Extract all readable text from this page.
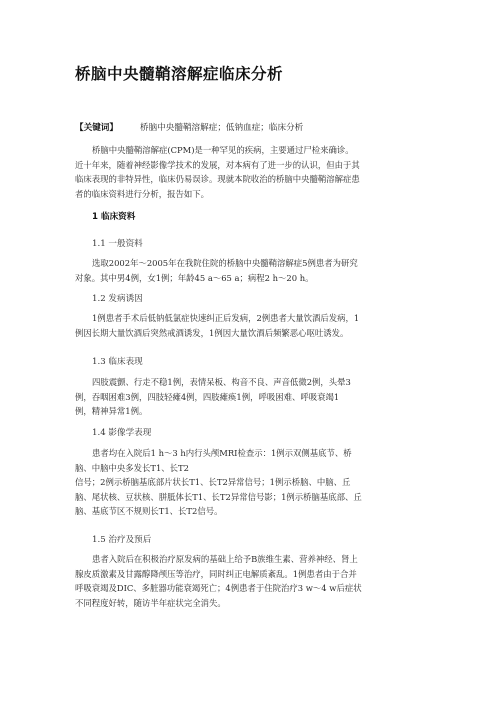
桥脑中央髓鞘溶解症临床分析
【关键词】	桥脑中央髓鞘溶解症；低钠血症；临床分析

桥脑中央髓鞘溶解症(CPM)是一种罕见的疾病，主要通过尸检来确诊。

近十年来，随着神经影像学技术的发展，对本病有了进一步的认识，但由于其

临床表现的非特异性，临床仍易误诊。现就本院收治的桥脑中央髓鞘溶解症患

者的临床资料进行分析，报告如下。

1 临床资料
1.1 一般资料

选取2002年～2005年在我院住院的桥脑中央髓鞘溶解症5例患者为研究

对象。其中男4例，女1例；年龄45 a～65 a；病程2 h～20 h。

1.2 发病诱因

1例患者手术后低钠低氯症快速纠正后发病，2例患者大量饮酒后发病，1

例因长期大量饮酒后突然戒酒诱发，1例因大量饮酒后频繁恶心呕吐诱发。

1.3 临床表现

四肢震颤、行走不稳1例，表情呆板、构音不良、声音低微2例，头晕3

例，吞咽困难3例，四肢轻瘫4例，四肢瘫痪1例，呼吸困难、呼吸衰竭1

例，精神异常1例。

1.4 影像学表现

患者均在入院后1 h～3 h内行头颅MRI检查示：1例示双侧基底节、桥

脑、中脑中央多发长T1、长T2

信号；2例示桥脑基底部片状长T1、长T2异常信号；1例示桥脑、中脑、丘

脑、尾状核、豆状核、胼胝体长T1、长T2异常信号影；1例示桥脑基底部、丘

脑、基底节区不规则长T1、长T2信号。

1.5 治疗及预后

患者入院后在积极治疗原发病的基础上给予B族维生素、营养神经、肾上

腺皮质激素及甘露醇降颅压等治疗，同时纠正电解质紊乱。1例患者由于合并

呼吸衰竭及DIC、多脏器功能衰竭死亡；4例患者于住院治疗3 w～4 w后症状

不同程度好转，随访半年症状完全消失。
